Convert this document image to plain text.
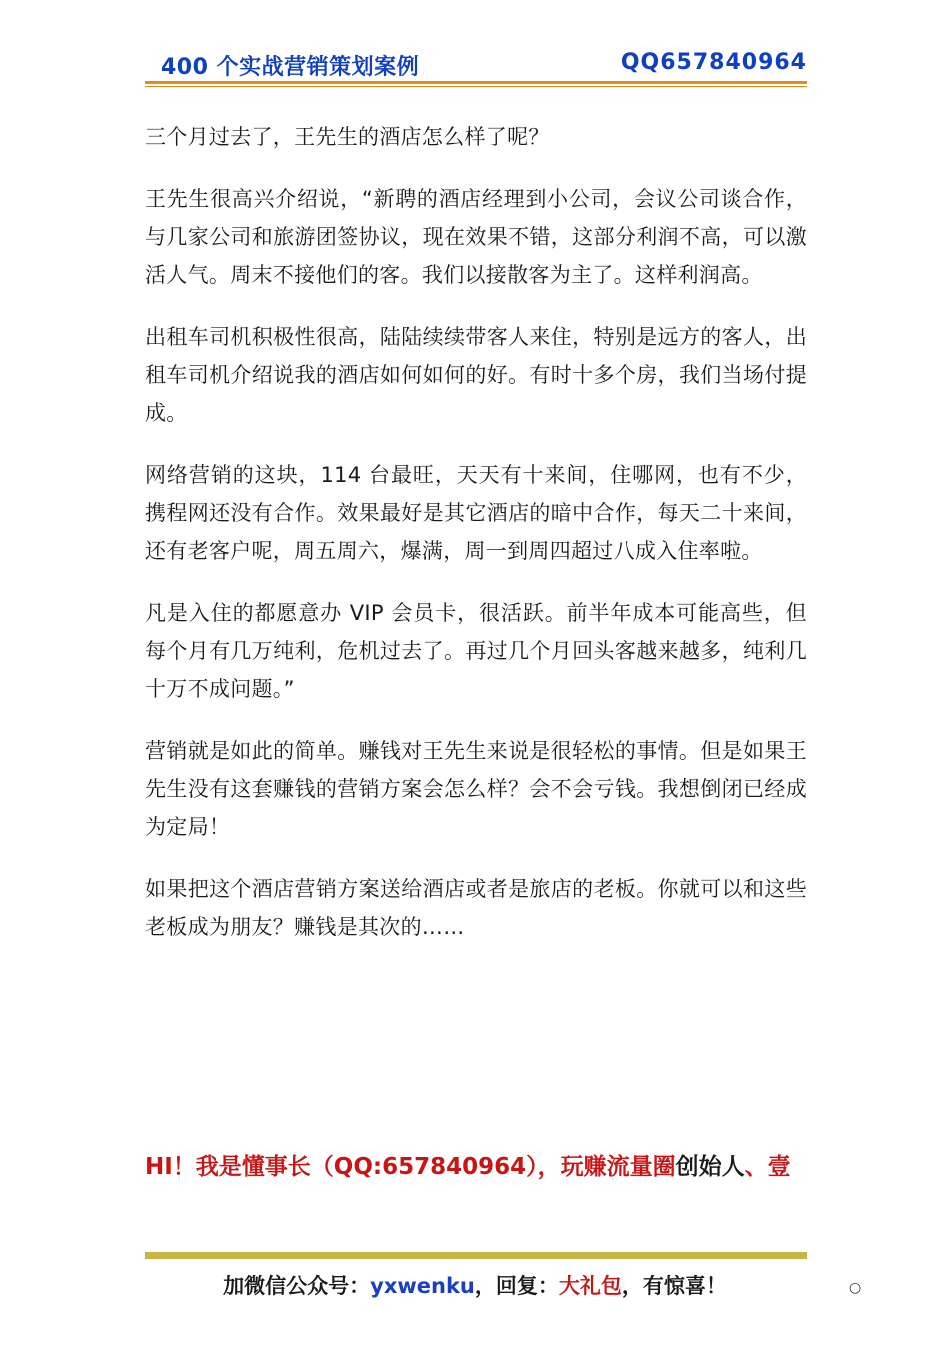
400 个实战营销策划案例	QQ657840964

三个月过去了，王先生的酒店怎么样了呢？

王先生很高兴介绍说，“新聘的酒店经理到小公司，会议公司谈合作，与几家公司和旅游团签协议，现在效果不错，这部分利润不高，可以激活人气。周末不接他们的客。我们以接散客为主了。这样利润高。

出租车司机积极性很高，陆陆续续带客人来住，特别是远方的客人，出租车司机介绍说我的酒店如何如何的好。有时十多个房，我们当场付提成。

网络营销的这块，114 台最旺，天天有十来间，住哪网，也有不少，携程网还没有合作。效果最好是其它酒店的暗中合作，每天二十来间，还有老客户呢，周五周六，爆满，周一到周四超过八成入住率啦。

凡是入住的都愿意办 VIP 会员卡，很活跃。前半年成本可能高些，但每个月有几万纯利，危机过去了。再过几个月回头客越来越多，纯利几十万不成问题。”

营销就是如此的简单。赚钱对王先生来说是很轻松的事情。但是如果王先生没有这套赚钱的营销方案会怎么样？会不会亏钱。我想倒闭已经成为定局！

如果把这个酒店营销方案送给酒店或者是旅店的老板。你就可以和这些老板成为朋友？赚钱是其次的……

HI！我是懂事长（QQ:657840964），玩赚流量圈创始人、壹
加微信公众号：yxwenku，回复：大礼包，有惊喜！	○
